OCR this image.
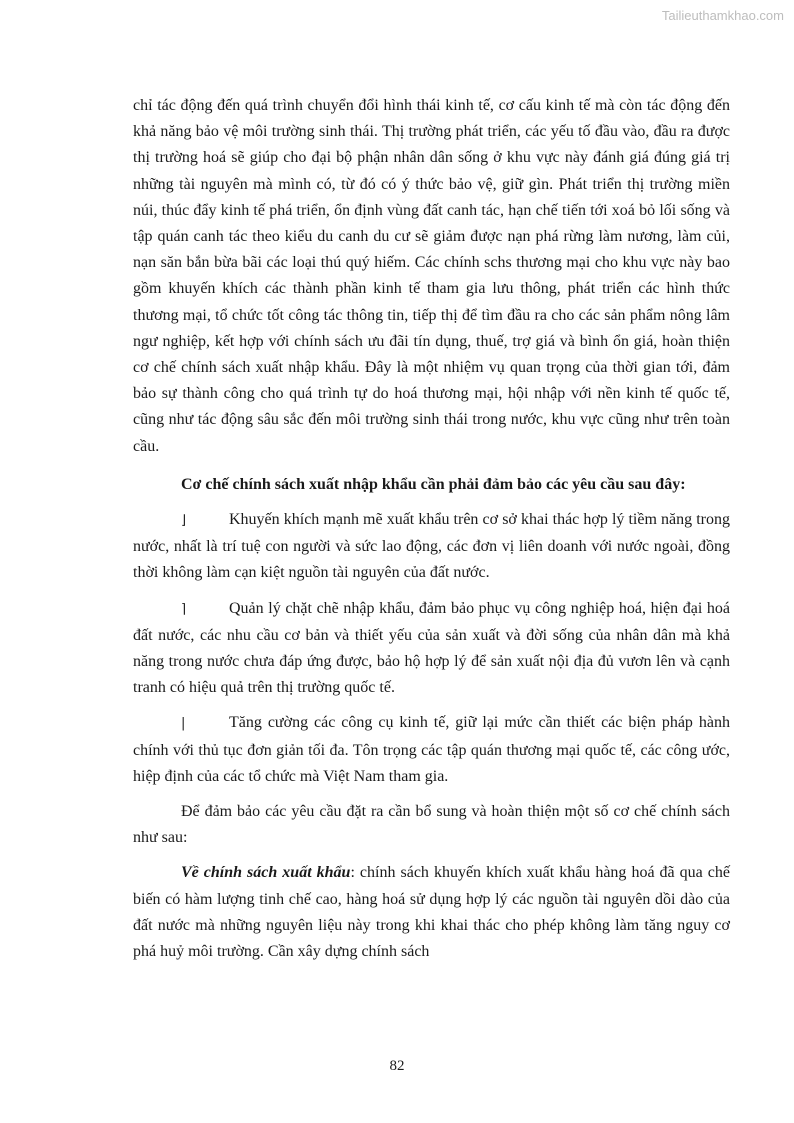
Tailieuthamkhao.com

chỉ tác động đến quá trình chuyển đổi hình thái kinh tế, cơ cấu kinh tế mà còn tác động đến khả năng bảo vệ môi trường sinh thái. Thị trường phát triển, các yếu tố đầu vào, đầu ra được thị trường hoá sẽ giúp cho đại bộ phận nhân dân sống ở khu vực này đánh giá đúng giá trị những tài nguyên mà mình có, từ đó có ý thức bảo vệ, giữ gìn. Phát triển thị trường miền núi, thúc đẩy kinh tế phá triển, ổn định vùng đất canh tác, hạn chế tiến tới xoá bỏ lối sống và tập quán canh tác theo kiểu du canh du cư sẽ giảm được nạn phá rừng làm nương, làm củi, nạn săn bắn bừa bãi các loại thú quý hiếm. Các chính schs thương mại cho khu vực này bao gồm khuyến khích các thành phần kinh tế tham gia lưu thông, phát triển các hình thức thương mại, tổ chức tốt công tác thông tin, tiếp thị để tìm đầu ra cho các sản phẩm nông lâm ngư nghiệp, kết hợp với chính sách ưu đãi tín dụng, thuế, trợ giá và bình ổn giá, hoàn thiện cơ chế chính sách xuất nhập khẩu. Đây là một nhiệm vụ quan trọng của thời gian tới, đảm bảo sự thành công cho quá trình tự do hoá thương mại, hội nhập với nền kinh tế quốc tế, cũng như tác động sâu sắc đến môi trường sinh thái trong nước, khu vực cũng như trên toàn cầu.

Cơ chế chính sách xuất nhập khẩu cần phải đảm bảo các yêu cầu sau đây:

⌋	Khuyến khích mạnh mẽ xuất khẩu trên cơ sở khai thác hợp lý tiềm năng trong nước, nhất là trí tuệ con người và sức lao động, các đơn vị liên doanh với nước ngoài, đồng thời không làm cạn kiệt nguồn tài nguyên của đất nước.

⌉	Quản lý chặt chẽ nhập khẩu, đảm bảo phục vụ công nghiệp hoá, hiện đại hoá đất nước, các nhu cầu cơ bản và thiết yếu của sản xuất và đời sống của nhân dân mà khả năng trong nước chưa đáp ứng được, bảo hộ hợp lý để sản xuất nội địa đủ vươn lên và cạnh tranh có hiệu quả trên thị trường quốc tế.

|	Tăng cường các công cụ kinh tế, giữ lại mức cần thiết các biện pháp hành chính với thủ tục đơn giản tối đa. Tôn trọng các tập quán thương mại quốc tế, các công ước, hiệp định của các tổ chức mà Việt Nam tham gia.

Để đảm bảo các yêu cầu đặt ra cần bổ sung và hoàn thiện một số cơ chế chính sách như sau:

Về chính sách xuất khẩu: chính sách khuyến khích xuất khẩu hàng hoá đã qua chế biến có hàm lượng tinh chế cao, hàng hoá sử dụng hợp lý các nguồn tài nguyên dồi dào của đất nước mà những nguyên liệu này trong khi khai thác cho phép không làm tăng nguy cơ phá huỷ môi trường. Cần xây dựng chính sách

82
